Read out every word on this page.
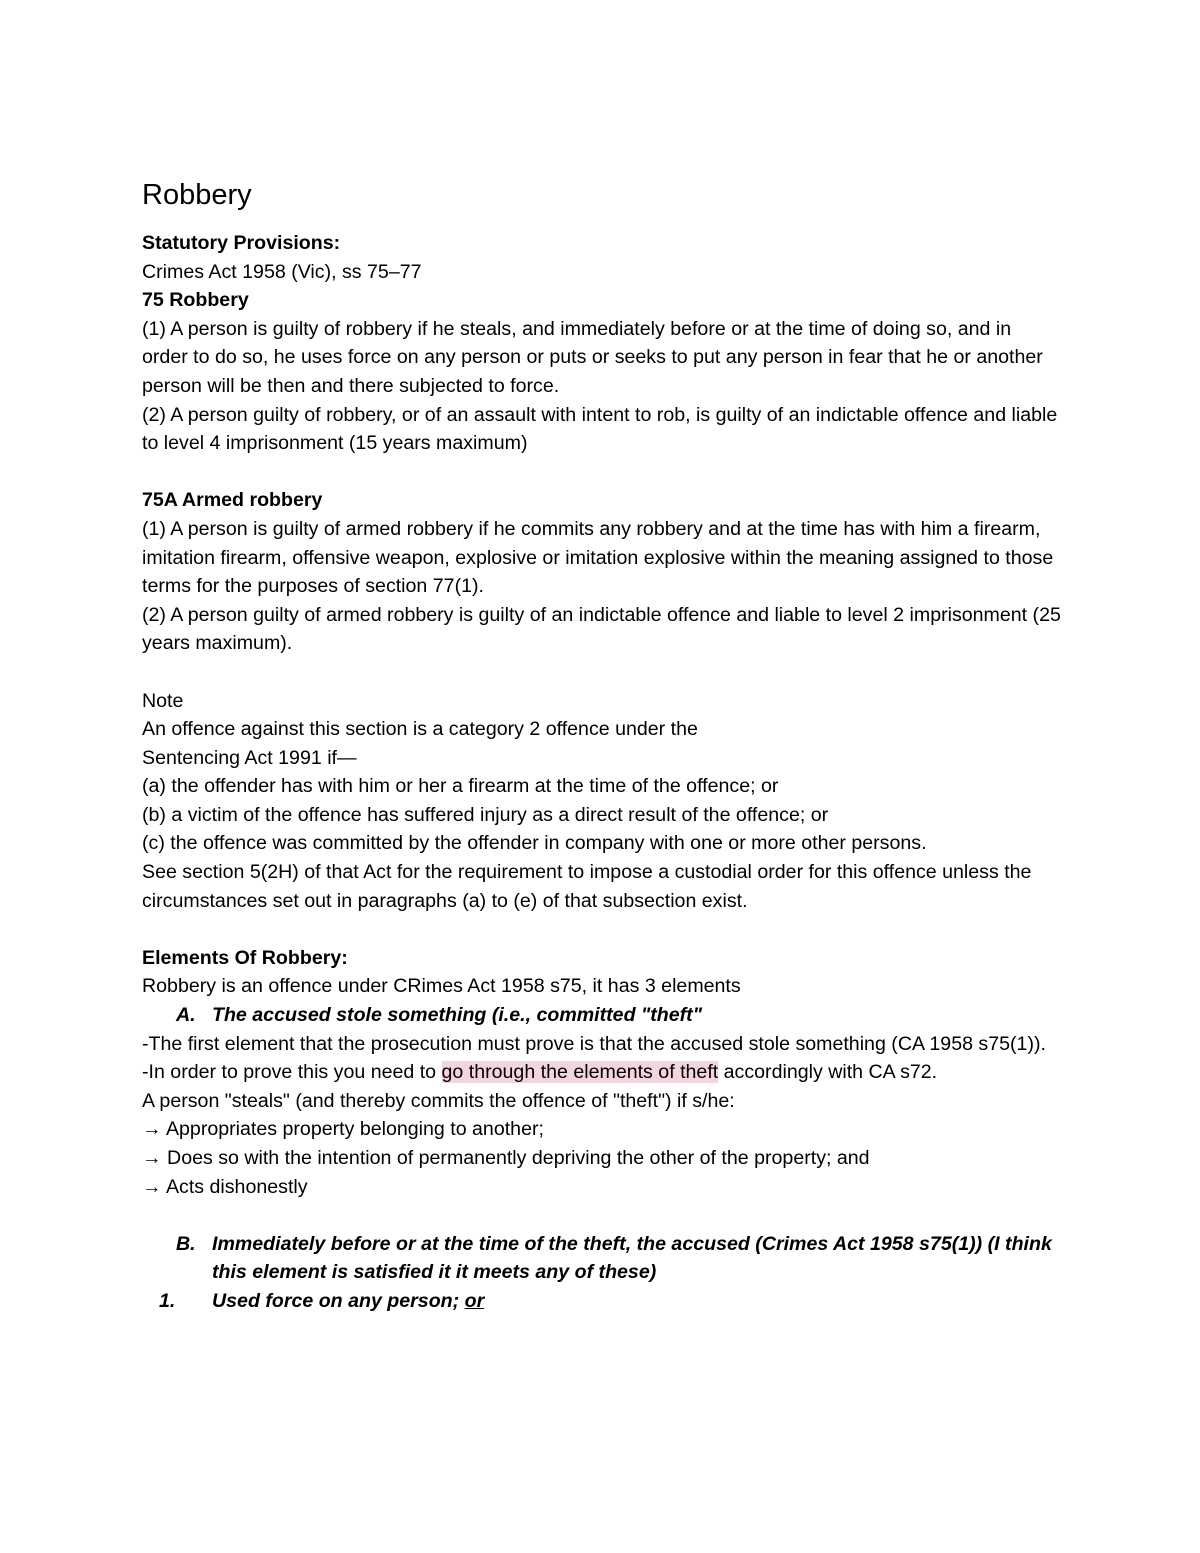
Robbery

Statutory Provisions:

Crimes Act 1958 (Vic), ss 75–77

75 Robbery

(1) A person is guilty of robbery if he steals, and immediately before or at the time of doing so, and in order to do so, he uses force on any person or puts or seeks to put any person in fear that he or another person will be then and there subjected to force.

(2) A person guilty of robbery, or of an assault with intent to rob, is guilty of an indictable offence and liable to level 4 imprisonment (15 years maximum)

75A Armed robbery

(1) A person is guilty of armed robbery if he commits any robbery and at the time has with him a firearm, imitation firearm, offensive weapon, explosive or imitation explosive within the meaning assigned to those terms for the purposes of section 77(1).

(2) A person guilty of armed robbery is guilty of an indictable offence and liable to level 2 imprisonment (25 years maximum).

Note

An offence against this section is a category 2 offence under the

Sentencing Act 1991 if—

(a) the offender has with him or her a firearm at the time of the offence; or

(b) a victim of the offence has suffered injury as a direct result of the offence; or

(c) the offence was committed by the offender in company with one or more other persons.

See section 5(2H) of that Act for the requirement to impose a custodial order for this offence unless the circumstances set out in paragraphs (a) to (e) of that subsection exist.

Elements Of Robbery:

Robbery is an offence under CRimes Act 1958 s75, it has 3 elements

A. The accused stole something (i.e., committed "theft"

-The first element that the prosecution must prove is that the accused stole something (CA 1958 s75(1)).

-In order to prove this you need to go through the elements of theft accordingly with CA s72.

A person "steals" (and thereby commits the offence of "theft") if s/he:

→ Appropriates property belonging to another;

→ Does so with the intention of permanently depriving the other of the property; and

→ Acts dishonestly

B. Immediately before or at the time of the theft, the accused (Crimes Act 1958 s75(1)) (I think this element is satisfied it it meets any of these)
1.	Used force on any person; or
